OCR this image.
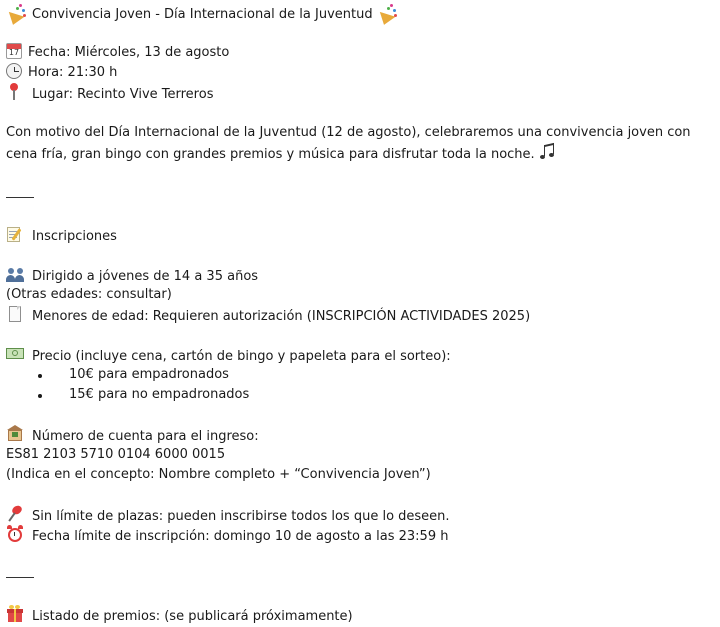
Convivencia Joven - Día Internacional de la Juventud
17 Fecha: Miércoles, 13 de agosto
Hora: 21:30 h
Lugar: Recinto Vive Terreros
Con motivo del Día Internacional de la Juventud (12 de agosto), celebraremos una convivencia joven con cena fría, gran bingo con grandes premios y música para disfrutar toda la noche.
Inscripciones
Dirigido a jóvenes de 14 a 35 años
(Otras edades: consultar)
Menores de edad: Requieren autorización (INSCRIPCIÓN ACTIVIDADES 2025)
Precio (incluye cena, cartón de bingo y papeleta para el sorteo):
10€ para empadronados
15€ para no empadronados
Número de cuenta para el ingreso:
ES81 2103 5710 0104 6000 0015
(Indica en el concepto: Nombre completo + “Convivencia Joven”)
Sin límite de plazas: pueden inscribirse todos los que lo deseen.
Fecha límite de inscripción: domingo 10 de agosto a las 23:59 h
Listado de premios: (se publicará próximamente)
